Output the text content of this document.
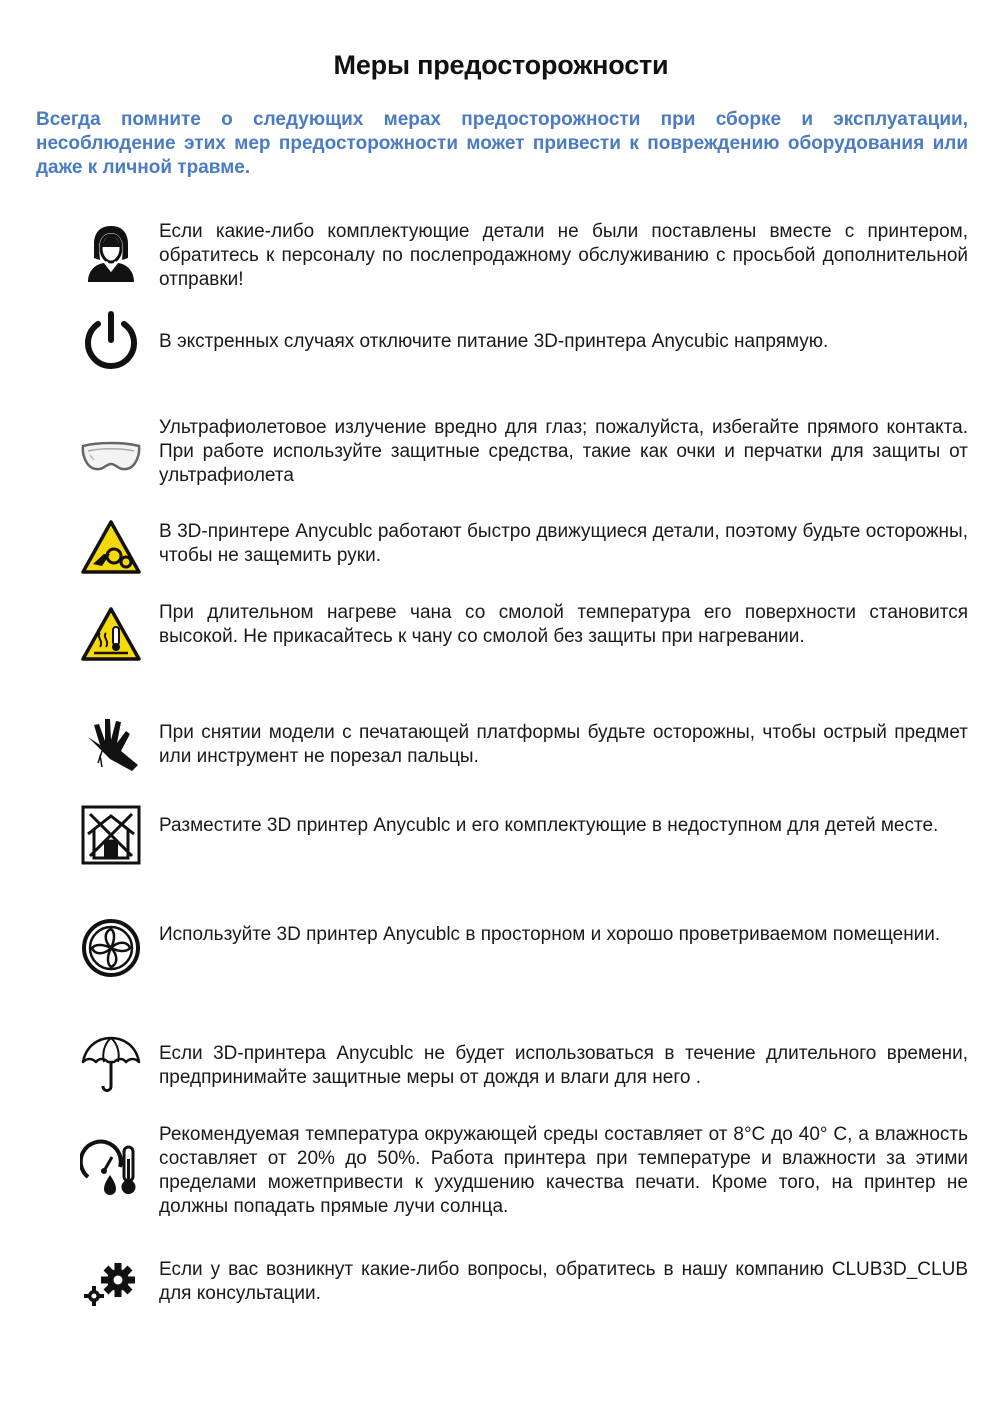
Меры предосторожности

Всегда помните о следующих мерах предосторожности при сборке и эксплуатации, несоблюдение этих мер предосторожности может привести к повреждению оборудования или даже к личной травме.

Если какие-либо комплектующие детали не были поставлены вместе с принтером, обратитесь к персоналу по послепродажному обслуживанию с просьбой дополнительной отправки!

В экстренных случаях отключите питание 3D-принтера Anycubic напрямую.

Ультрафиолетовое излучение вредно для глаз; пожалуйста, избегайте прямого контакта. При работе используйте защитные средства, такие как очки и перчатки для защиты от ультрафиолета

В 3D-принтере Anycublc работают быстро движущиеся детали, поэтому будьте осторожны, чтобы не защемить руки.

При длительном нагреве чана со смолой температура его поверхности становится высокой. Не прикасайтесь к чану со смолой без защиты при нагревании.

При снятии модели с печатающей платформы будьте осторожны, чтобы острый предмет или инструмент не порезал пальцы.

Разместите 3D принтер Anycublc и его комплектующие в недоступном для детей месте.

Используйте 3D принтер Anycublc в просторном и хорошо проветриваемом помещении.

Если 3D-принтера Anycublc не будет использоваться в течение длительного времени, предпринимайте защитные меры от дождя и влаги для него .

Рекомендуемая температура окружающей среды составляет от 8°C до 40° C, а влажность составляет от 20% до 50%. Работа принтера при температуре и влажности за этими пределами можетпривести к ухудшению качества печати. Кроме того, на принтер не должны попадать прямые лучи солнца.

Если у вас возникнут какие-либо вопросы, обратитесь в нашу компанию CLUB3D_CLUB для консультации.
